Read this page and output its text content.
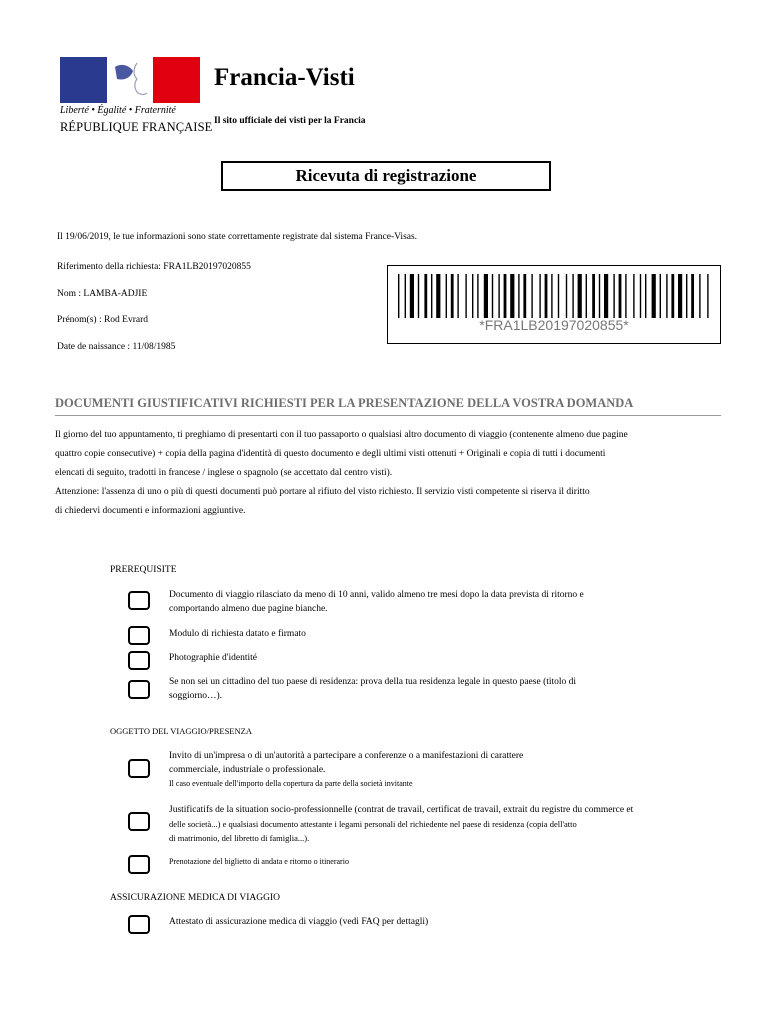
Liberté • Égalité • Fraternité
RÉPUBLIQUE FRANÇAISE
Francia-Visti
Il sito ufficiale dei visti per la Francia
Ricevuta di registrazione
Il 19/06/2019, le tue informazioni sono state correttamente registrate dal sistema France-Visas.
Riferimento della richiesta: FRA1LB20197020855
Nom : LAMBA-ADJIE
Prénom(s) : Rod Evrard
Date de naissance : 11/08/1985
*FRA1LB20197020855*
DOCUMENTI GIUSTIFICATIVI RICHIESTI PER LA PRESENTAZIONE DELLA VOSTRA DOMANDA
Il giorno del tuo appuntamento, ti preghiamo di presentarti con il tuo passaporto o qualsiasi altro documento di viaggio (contenente almeno due pagine
quattro copie consecutive) + copia della pagina d'identità di questo documento e degli ultimi visti ottenuti + Originali e copia di tutti i documenti
elencati di seguito, tradotti in francese / inglese o spagnolo (se accettato dal centro visti).
Attenzione: l'assenza di uno o più di questi documenti può portare al rifiuto del visto richiesto. Il servizio visti competente si riserva il diritto
di chiedervi documenti e informazioni aggiuntive.
PREREQUISITE
Documento di viaggio rilasciato da meno di 10 anni, valido almeno tre mesi dopo la data prevista di ritorno e
comportando almeno due pagine bianche.
Modulo di richiesta datato e firmato
Photographie d'identité
Se non sei un cittadino del tuo paese di residenza: prova della tua residenza legale in questo paese (titolo di
soggiorno…).
OGGETTO DEL VIAGGIO/PRESENZA
Invito di un'impresa o di un'autorità a partecipare a conferenze o a manifestazioni di carattere
commerciale, industriale o professionale.
Il caso eventuale dell'importo della copertura da parte della società invitante
Justificatifs de la situation socio-professionnelle (contrat de travail, certificat de travail, extrait du registre du commerce et
delle società...) e qualsiasi documento attestante i legami personali del richiedente nel paese di residenza (copia dell'atto
di matrimonio, del libretto di famiglia...).
Prenotazione del biglietto di andata e ritorno o itinerario
ASSICURAZIONE MEDICA DI VIAGGIO
Attestato di assicurazione medica di viaggio (vedi FAQ per dettagli)
